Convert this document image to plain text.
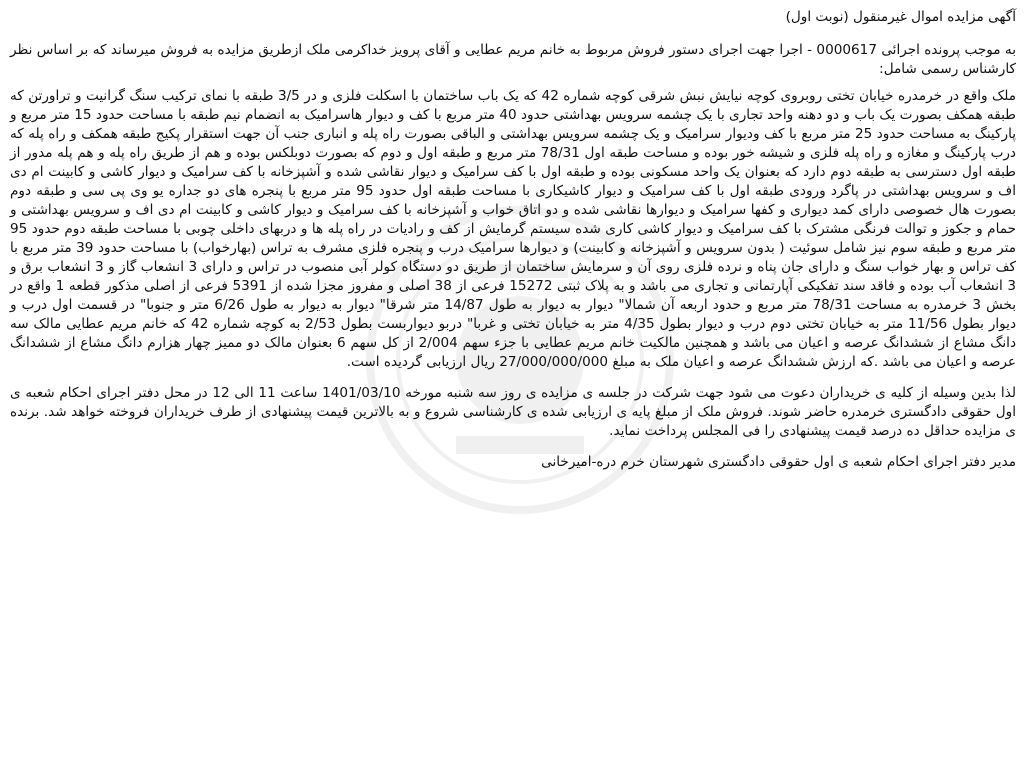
آگهی مزایده اموال غیرمنقول (نوبت اول)

به موجب پرونده اجرائی 0000617 - اجرا جهت اجرای دستور فروش مربوط به خانم مریم عطایی و آقای پرویز خداکرمی ملک ازطریق مزایده به فروش میرساند که بر اساس نظر کارشناس رسمی شامل:

ملک واقع در خرمدره خیابان تختی روبروی کوچه نیایش نبش شرقی کوچه شماره 42 که یک باب ساختمان با اسکلت فلزی و در 3/5 طبقه با نمای ترکیب سنگ گرانیت و تراورتن که طبقه همکف بصورت یک باب و دو دهنه واحد تجاری با یک چشمه سرویس بهداشتی حدود 40 متر مربع با کف و دیوار هاسرامیک به انضمام نیم طبقه با مساحت حدود 15 متر مربع و پارکینگ به مساحت حدود 25 متر مربع با کف ودیوار سرامیک و یک چشمه سرویس بهداشتی و الباقی بصورت راه پله و انباری جنب آن جهت استقرار پکیج طبقه همکف و راه پله که درب پارکینگ و مغازه و راه پله فلزی و شیشه خور بوده و مساحت طبقه اول 78/31 متر مربع و طبقه اول و دوم که بصورت دوبلکس بوده و هم از طریق راه پله و هم پله مدور از طبقه اول دسترسی به طبقه دوم دارد که بعنوان یک واحد مسکونی بوده و طبقه اول با کف سرامیک و دیوار نقاشی شده و آشپزخانه با کف سرامیک و دیوار کاشی و کابینت ام دی اف و سرویس بهداشتی در پاگرد ورودی طبقه اول با کف سرامیک و دیوار کاشیکاری با مساحت طبقه اول حدود 95 متر مربع با پنجره های دو جداره یو وی پی سی و طبقه دوم بصورت هال خصوصی دارای کمد دیواری و کفها سرامیک و دیوارها نقاشی شده و دو اتاق خواب و آشپزخانه با کف سرامیک و دیوار کاشی و کابینت ام دی اف و سرویس بهداشتی و حمام و جکوز و توالت فرنگی مشترک با کف سرامیک و دیوار کاشی کاری شده سیستم گرمایش از کف و رادیات در راه پله ها و دربهای داخلی چوبی با مساحت طبقه دوم حدود 95 متر مربع و طبقه سوم نیز شامل سوئیت ( بدون سرویس و آشپزخانه و کابینت) و دیوارها سرامیک درب و پنجره فلزی مشرف به تراس (بهارخواب) با مساحت حدود 39 متر مربع با کف تراس و بهار خواب سنگ و دارای جان پناه و نرده فلزی روی آن و سرمایش ساختمان از طریق دو دستگاه کولر آبی منصوب در تراس و دارای 3 انشعاب گاز و 3 انشعاب برق و 3 انشعاب آب بوده و فاقد سند تفکیکی آپارتمانی و تجاری می باشد و به پلاک ثبتی 15272 فرعی از 38 اصلی و مفروز مجزا شده از 5391 فرعی از اصلی مذکور قطعه 1 واقع در بخش 3 خرمدره به مساحت 78/31 متر مربع و حدود اربعه آن شمالا" دیوار به دیوار به طول 14/87 متر شرقا" دیوار به دیوار به طول 6/26 متر و جنوبا" در قسمت اول درب و دیوار بطول 11/56 متر به خیابان تختی دوم درب و دیوار بطول 4/35 متر به خیابان تختی و غربا" دربو دیواربست بطول 2/53 به کوچه شماره 42 که خانم مریم عطایی مالک سه دانگ مشاع از ششدانگ عرصه و اعیان می باشد و همچنین مالکیت خانم مریم عطایی با جزء سهم 2/004 از کل سهم 6 بعنوان مالک دو ممیز چهار هزارم دانگ مشاع از ششدانگ عرصه و اعیان می باشد .که ارزش ششدانگ عرصه و اعیان ملک به مبلغ 27/000/000/000 ریال ارزیابی گردیده است.

لذا بدین وسیله از کلیه ی خریداران دعوت می شود جهت شرکت در جلسه ی مزایده ی روز سه شنبه مورخه 1401/03/10 ساعت 11 الی 12 در محل دفتر اجرای احکام شعبه ی اول حقوقی دادگستری خرمدره حاضر شوند. فروش ملک از مبلغ پایه ی ارزیابی شده ی کارشناسی شروع و به بالاترین قیمت پیشنهادی از طرف خریداران فروخته خواهد شد. برنده ی مزایده حداقل ده درصد قیمت پیشنهادی را فی المجلس پرداخت نماید.

مدیر دفتر اجرای احکام شعبه ی اول حقوقی دادگستری شهرستان خرم دره-امیرخانی
